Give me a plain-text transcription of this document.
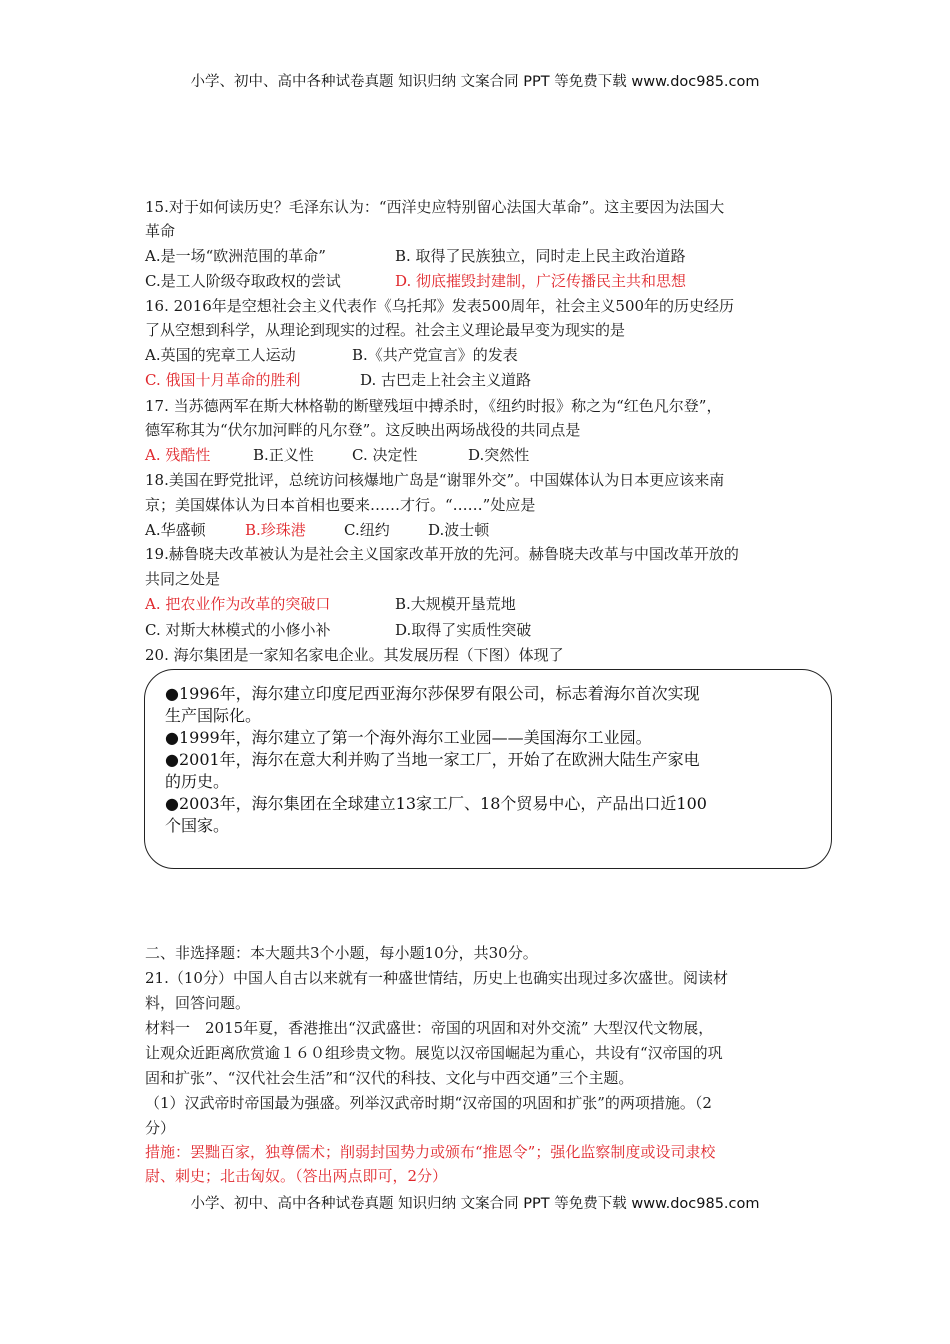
小学、初中、高中各种试卷真题 知识归纳 文案合同 PPT 等免费下载 www.doc985.com
15.对于如何读历史？毛泽东认为：“西洋史应特别留心法国大革命”。这主要因为法国大
革命
A.是一场“欧洲范围的革命”	B. 取得了民族独立，同时走上民主政治道路
C.是工人阶级夺取政权的尝试	D. 彻底摧毁封建制，广泛传播民主共和思想
16. 2016年是空想社会主义代表作《乌托邦》发表500周年，社会主义500年的历史经历
了从空想到科学，从理论到现实的过程。社会主义理论最早变为现实的是
A.英国的宪章工人运动	B.《共产党宣言》的发表
C. 俄国十月革命的胜利	D. 古巴走上社会主义道路
17. 当苏德两军在斯大林格勒的断壁残垣中搏杀时，《纽约时报》称之为“红色凡尔登”，
德军称其为“伏尔加河畔的凡尔登”。这反映出两场战役的共同点是
A. 残酷性	B.正义性	C. 决定性	D.突然性
18.美国在野党批评，总统访问核爆地广岛是“谢罪外交”。中国媒体认为日本更应该来南
京；美国媒体认为日本首相也要来……才行。“……”处应是
A.华盛顿	B.珍珠港	C.纽约	D.波士顿
19.赫鲁晓夫改革被认为是社会主义国家改革开放的先河。赫鲁晓夫改革与中国改革开放的
共同之处是
A. 把农业作为改革的突破口	B.大规模开垦荒地
C. 对斯大林模式的小修小补	D.取得了实质性突破
20. 海尔集团是一家知名家电企业。其发展历程（下图）体现了
●1996年，海尔建立印度尼西亚海尔莎保罗有限公司，标志着海尔首次实现
生产国际化。
●1999年，海尔建立了第一个海外海尔工业园——美国海尔工业园。
●2001年，海尔在意大利并购了当地一家工厂，开始了在欧洲大陆生产家电
的历史。
●2003年，海尔集团在全球建立13家工厂、18个贸易中心，产品出口近100
个国家。
二、非选择题：本大题共3个小题，每小题10分，共30分。
21.（10分）中国人自古以来就有一种盛世情结，历史上也确实出现过多次盛世。阅读材
料，回答问题。
材料一　2015年夏，香港推出“汉武盛世：帝国的巩固和对外交流” 大型汉代文物展，
让观众近距离欣赏逾１６０组珍贵文物。展览以汉帝国崛起为重心，共设有“汉帝国的巩
固和扩张”、“汉代社会生活”和“汉代的科技、文化与中西交通”三个主题。
（1）汉武帝时帝国最为强盛。列举汉武帝时期“汉帝国的巩固和扩张”的两项措施。（2
分）
措施：罢黜百家，独尊儒术；削弱封国势力或颁布“推恩令”；强化监察制度或设司隶校
尉、刺史；北击匈奴。（答出两点即可，2分）
小学、初中、高中各种试卷真题 知识归纳 文案合同 PPT 等免费下载 www.doc985.com
